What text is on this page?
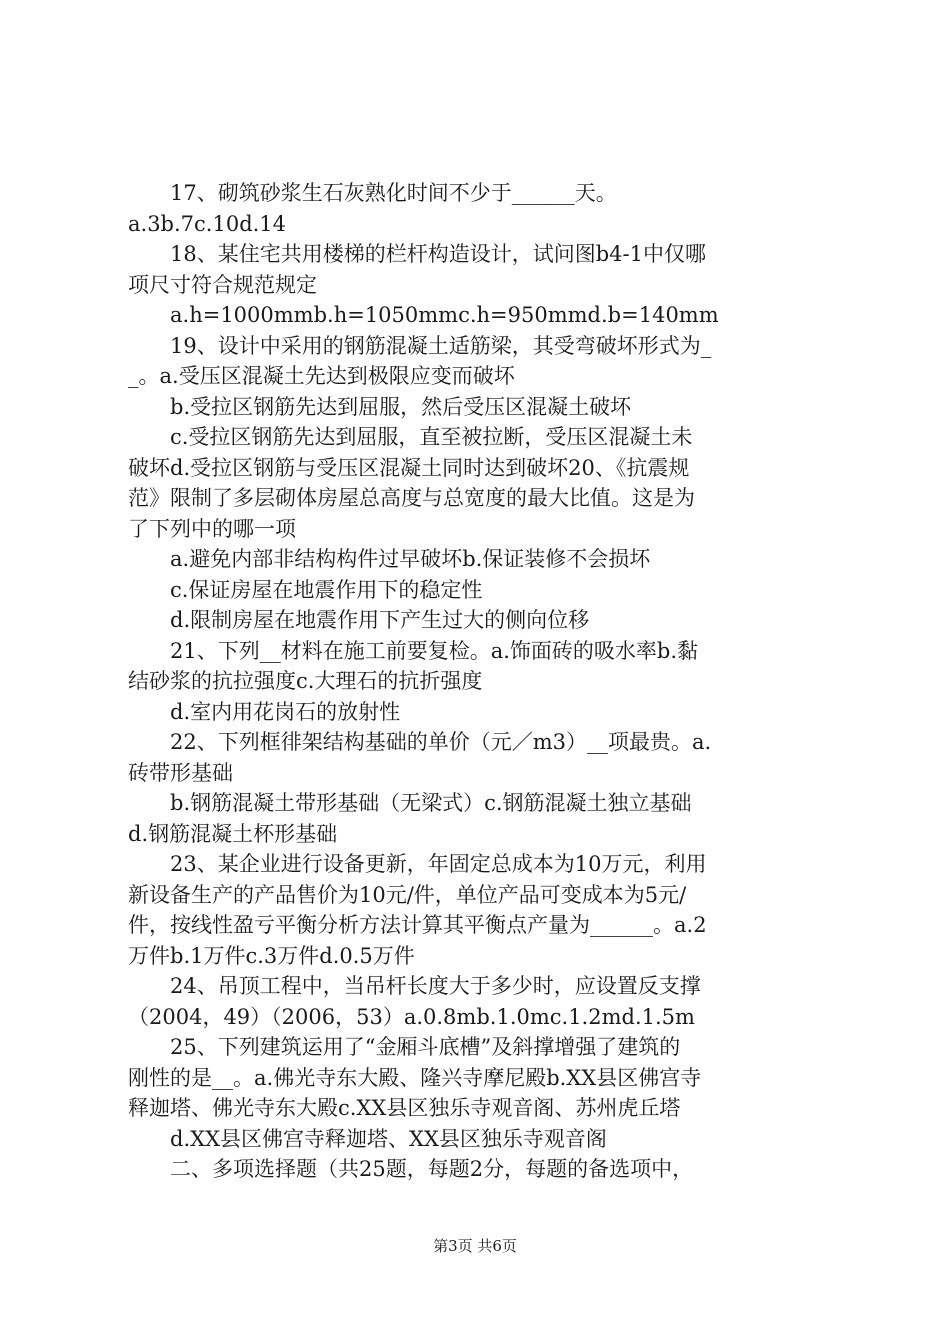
　　17、砌筑砂浆生石灰熟化时间不少于______天。
a.3b.7c.10d.14
　　18、某住宅共用楼梯的栏杆构造设计，试问图b4-1中仅哪
项尺寸符合规范规定
　　a.h=1000mmb.h=1050mmc.h=950mmd.b=140mm
　　19、设计中采用的钢筋混凝土适筋梁，其受弯破坏形式为_
_。a.受压区混凝土先达到极限应变而破坏
　　b.受拉区钢筋先达到屈服，然后受压区混凝土破坏
　　c.受拉区钢筋先达到屈服，直至被拉断，受压区混凝土未
破坏d.受拉区钢筋与受压区混凝土同时达到破坏20、《抗震规
范》限制了多层砌体房屋总高度与总宽度的最大比值。这是为
了下列中的哪一项
　　a.避免内部非结构构件过早破坏b.保证装修不会损坏
　　c.保证房屋在地震作用下的稳定性
　　d.限制房屋在地震作用下产生过大的侧向位移
　　21、下列__材料在施工前要复检。a.饰面砖的吸水率b.黏
结砂浆的抗拉强度c.大理石的抗折强度
　　d.室内用花岗石的放射性
　　22、下列框徘架结构基础的单价（元／m3）__项最贵。a.
砖带形基础
　　b.钢筋混凝土带形基础（无梁式）c.钢筋混凝土独立基础
d.钢筋混凝土杯形基础
　　23、某企业进行设备更新，年固定总成本为10万元，利用
新设备生产的产品售价为10元/件，单位产品可变成本为5元/
件，按线性盈亏平衡分析方法计算其平衡点产量为______。a.2
万件b.1万件c.3万件d.0.5万件
　　24、吊顶工程中，当吊杆长度大于多少时，应设置反支撑
（2004，49）（2006，53）a.0.8mb.1.0mc.1.2md.1.5m
　　25、下列建筑运用了“金厢斗底槽”及斜撑增强了建筑的
刚性的是__。a.佛光寺东大殿、隆兴寺摩尼殿b.XX县区佛宫寺
释迦塔、佛光寺东大殿c.XX县区独乐寺观音阁、苏州虎丘塔
　　d.XX县区佛宫寺释迦塔、XX县区独乐寺观音阁
　　二、多项选择题（共25题，每题2分，每题的备选项中，
第3页 共6页
